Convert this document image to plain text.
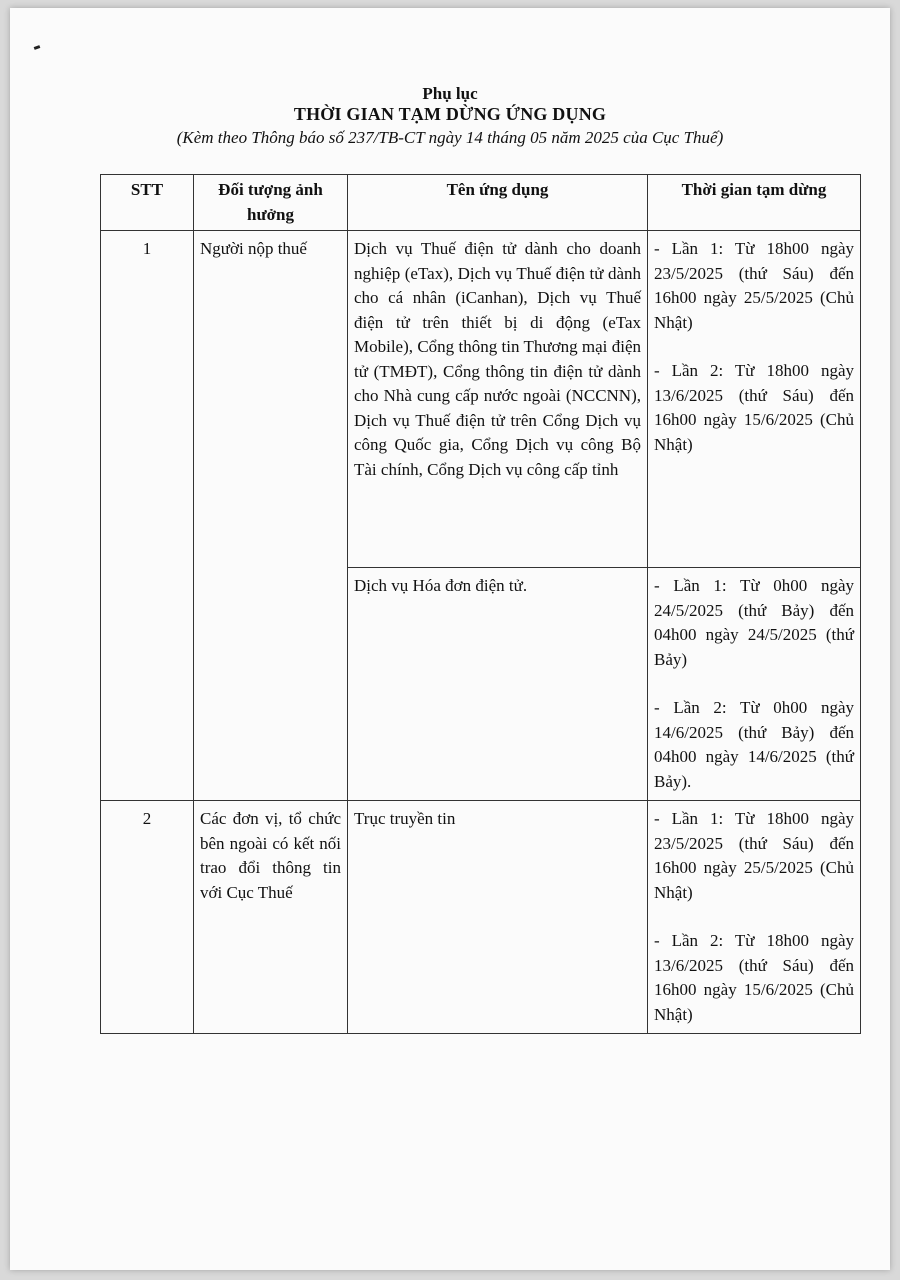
Phụ lục
THỜI GIAN TẠM DỪNG ỨNG DỤNG
(Kèm theo Thông báo số 237/TB-CT ngày 14 tháng 05 năm 2025 của Cục Thuế)
STT	Đối tượng ảnh hưởng	Tên ứng dụng	Thời gian tạm dừng
1	Người nộp thuế	Dịch vụ Thuế điện tử dành cho doanh nghiệp (eTax), Dịch vụ Thuế điện tử dành cho cá nhân (iCanhan), Dịch vụ Thuế điện tử trên thiết bị di động (eTax Mobile), Cổng thông tin Thương mại điện tử (TMĐT), Cổng thông tin điện tử dành cho Nhà cung cấp nước ngoài (NCCNN), Dịch vụ Thuế điện tử trên Cổng Dịch vụ công Quốc gia, Cổng Dịch vụ công Bộ Tài chính, Cổng Dịch vụ công cấp tỉnh	- Lần 1: Từ 18h00 ngày 23/5/2025 (thứ Sáu) đến 16h00 ngày 25/5/2025 (Chủ Nhật)
- Lần 2: Từ 18h00 ngày 13/6/2025 (thứ Sáu) đến 16h00 ngày 15/6/2025 (Chủ Nhật)

		Dịch vụ Hóa đơn điện tử.	- Lần 1: Từ 0h00 ngày 24/5/2025 (thứ Bảy) đến 04h00 ngày 24/5/2025 (thứ Bảy)
- Lần 2: Từ 0h00 ngày 14/6/2025 (thứ Bảy) đến 04h00 ngày 14/6/2025 (thứ Bảy).

2	Các đơn vị, tổ chức bên ngoài có kết nối trao đổi thông tin với Cục Thuế	Trục truyền tin	- Lần 1: Từ 18h00 ngày 23/5/2025 (thứ Sáu) đến 16h00 ngày 25/5/2025 (Chủ Nhật)
- Lần 2: Từ 18h00 ngày 13/6/2025 (thứ Sáu) đến 16h00 ngày 15/6/2025 (Chủ Nhật)
